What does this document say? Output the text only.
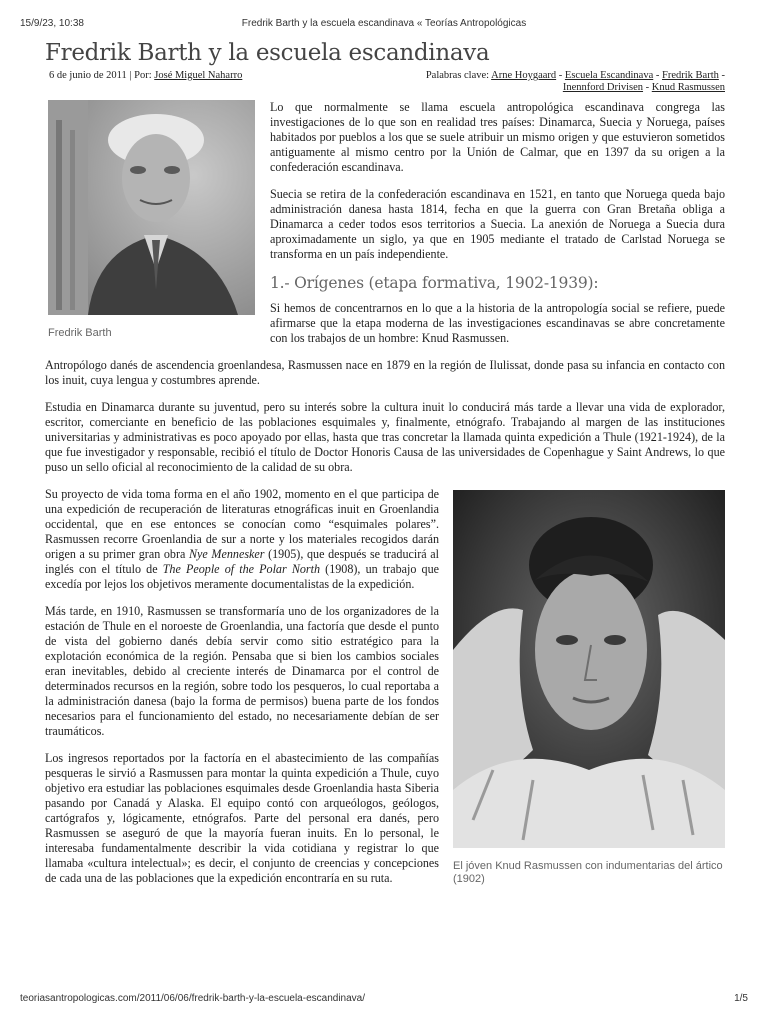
15/9/23, 10:38	Fredrik Barth y la escuela escandinava « Teorías Antropológicas
Fredrik Barth y la escuela escandinava
6 de junio de 2011 | Por: José Miguel Naharro	Palabras clave: Arne Hoygaard - Escuela Escandinava - Fredrik Barth - Inennford Drivisen - Knud Rasmussen
Fredrik Barth

Lo que normalmente se llama escuela antropológica escandinava congrega las investigaciones de lo que son en realidad tres países: Dinamarca, Suecia y Noruega, países habitados por pueblos a los que se suele atribuir un mismo origen y que estuvieron sometidos antiguamente al mismo centro por la Unión de Calmar, que en 1397 da su origen a la confederación escandinava.

Suecia se retira de la confederación escandinava en 1521, en tanto que Noruega queda bajo administración danesa hasta 1814, fecha en que la guerra con Gran Bretaña obliga a Dinamarca a ceder todos esos territorios a Suecia. La anexión de Noruega a Suecia dura aproximadamente un siglo, ya que en 1905 mediante el tratado de Carlstad Noruega se transforma en un país independiente.

1.- Orígenes (etapa formativa, 1902-1939):

Si hemos de concentrarnos en lo que a la historia de la antropología social se refiere, puede afirmarse que la etapa moderna de las investigaciones escandinavas se abre concretamente con los trabajos de un hombre: Knud Rasmussen.

Antropólogo danés de ascendencia groenlandesa, Rasmussen nace en 1879 en la región de Ilulissat, donde pasa su infancia en contacto con los inuit, cuya lengua y costumbres aprende.

Estudia en Dinamarca durante su juventud, pero su interés sobre la cultura inuit lo conducirá más tarde a llevar una vida de explorador, escritor, comerciante en beneficio de las poblaciones esquimales y, finalmente, etnógrafo. Trabajando al margen de las instituciones universitarias y administrativas es poco apoyado por ellas, hasta que tras concretar la llamada quinta expedición a Thule (1921-1924), de la que fue investigador y responsable, recibió el título de Doctor Honoris Causa de las universidades de Copenhague y Saint Andrews, lo que puso un sello oficial al reconocimiento de la calidad de su obra.

El jóven Knud Rasmussen con indumentarias del ártico (1902)

Su proyecto de vida toma forma en el año 1902, momento en el que participa de una expedición de recuperación de literaturas etnográficas inuit en Groenlandia occidental, que en ese entonces se conocían como “esquimales polares”. Rasmussen recorre Groenlandia de sur a norte y los materiales recogidos darán origen a su primer gran obra Nye Mennesker (1905), que después se traducirá al inglés con el título de The People of the Polar North (1908), un trabajo que excedía por lejos los objetivos meramente documentalistas de la expedición.

Más tarde, en 1910, Rasmussen se transformaría uno de los organizadores de la estación de Thule en el noroeste de Groenlandia, una factoría que desde el punto de vista del gobierno danés debía servir como sitio estratégico para la explotación económica de la región. Pensaba que si bien los cambios sociales eran inevitables, debido al creciente interés de Dinamarca por el control de determinados recursos en la región, sobre todo los pesqueros, lo cual reportaba a la administración danesa (bajo la forma de permisos) buena parte de los fondos necesarios para el funcionamiento del estado, no necesariamente debían de ser traumáticos.

Los ingresos reportados por la factoría en el abastecimiento de las compañías pesqueras le sirvió a Rasmussen para montar la quinta expedición a Thule, cuyo objetivo era estudiar las poblaciones esquimales desde Groenlandia hasta Siberia pasando por Canadá y Alaska. El equipo contó con arqueólogos, geólogos, cartógrafos y, lógicamente, etnógrafos. Parte del personal era danés, pero Rasmussen se aseguró de que la mayoría fueran inuits. En lo personal, le interesaba fundamentalmente describir la vida cotidiana y registrar lo que llamaba «cultura intelectual»; es decir, el conjunto de creencias y concepciones de cada una de las poblaciones que la expedición encontraría en su ruta.

teoriasantropologicas.com/2011/06/06/fredrik-barth-y-la-escuela-escandinava/	1/5
